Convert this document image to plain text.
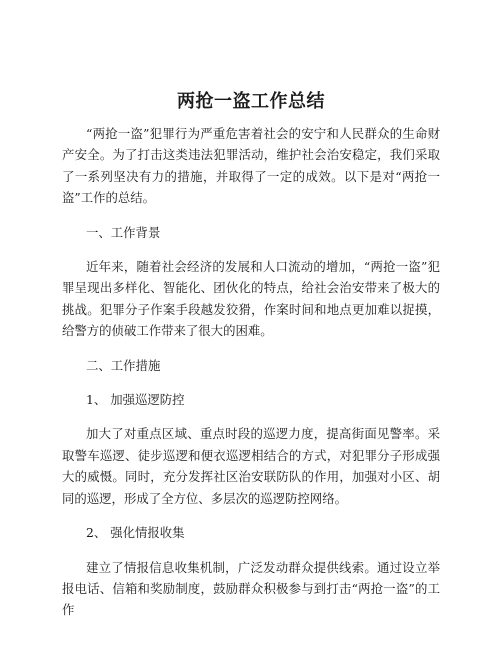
两抢一盗工作总结

“两抢一盗”犯罪行为严重危害着社会的安宁和人民群众的生命财产安全。为了打击这类违法犯罪活动，维护社会治安稳定，我们采取了一系列坚决有力的措施，并取得了一定的成效。以下是对“两抢一盗”工作的总结。

一、工作背景

近年来，随着社会经济的发展和人口流动的增加，“两抢一盗”犯罪呈现出多样化、智能化、团伙化的特点，给社会治安带来了极大的挑战。犯罪分子作案手段越发狡猾，作案时间和地点更加难以捉摸，给警方的侦破工作带来了很大的困难。

二、工作措施

1、 加强巡逻防控

加大了对重点区域、重点时段的巡逻力度，提高街面见警率。采取警车巡逻、徒步巡逻和便衣巡逻相结合的方式，对犯罪分子形成强大的威慑。同时，充分发挥社区治安联防队的作用，加强对小区、胡同的巡逻，形成了全方位、多层次的巡逻防控网络。

2、 强化情报收集

建立了情报信息收集机制，广泛发动群众提供线索。通过设立举报电话、信箱和奖励制度，鼓励群众积极参与到打击“两抢一盗”的工作
